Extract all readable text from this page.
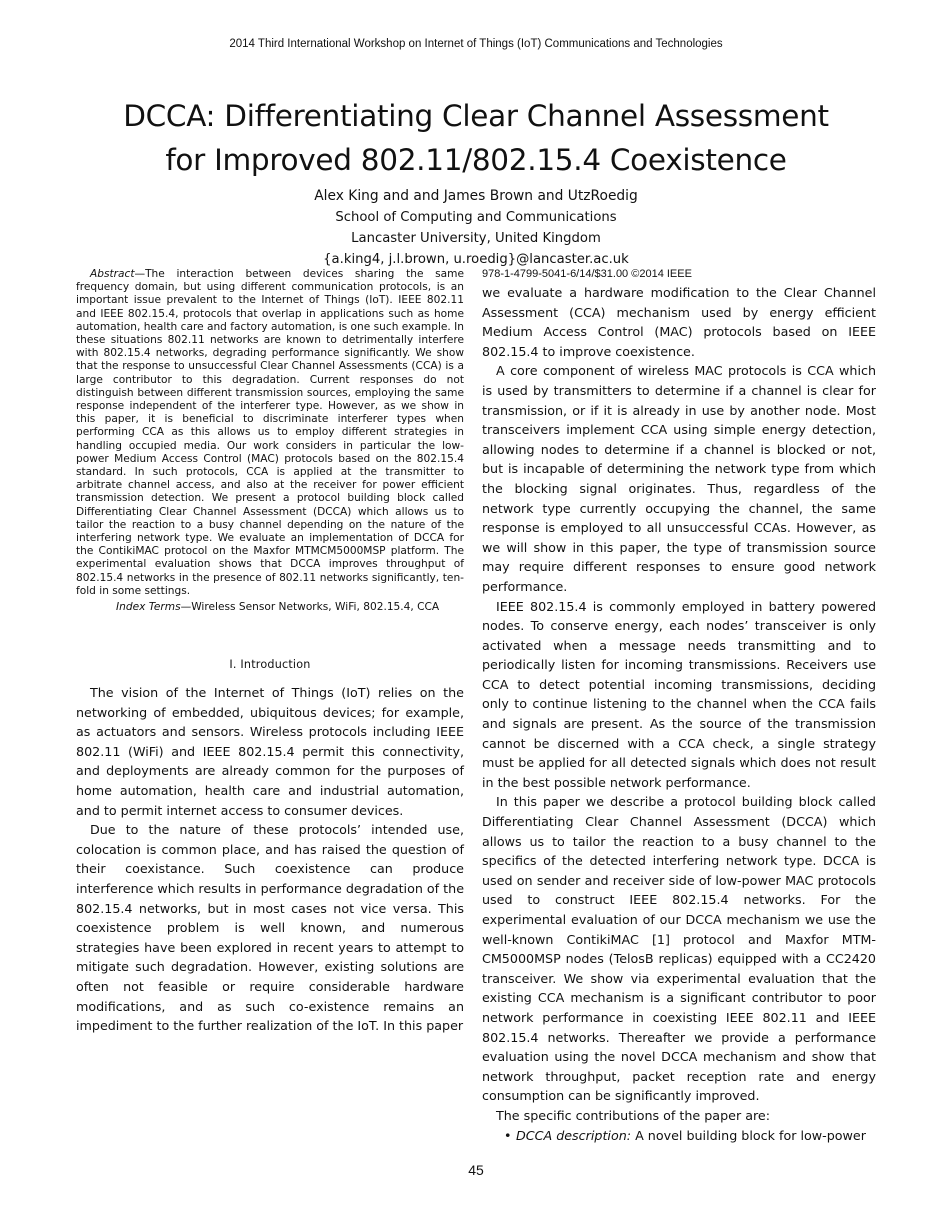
2014 Third International Workshop on Internet of Things (IoT) Communications and Technologies
DCCA: Differentiating Clear Channel Assessment
for Improved 802.11/802.15.4 Coexistence
Alex King and and James Brown and UtzRoedig
School of Computing and Communications
Lancaster University, United Kingdom
{a.king4, j.l.brown, u.roedig}@lancaster.ac.uk

Abstract—The interaction between devices sharing the same frequency domain, but using different communication protocols, is an important issue prevalent to the Internet of Things (IoT). IEEE 802.11 and IEEE 802.15.4, protocols that overlap in applications such as home automation, health care and factory automation, is one such example. In these situations 802.11 networks are known to detrimentally interfere with 802.15.4 networks, degrading performance significantly. We show that the response to unsuccessful Clear Channel Assessments (CCA) is a large contributor to this degradation. Current responses do not distinguish between different transmission sources, employing the same response independent of the interferer type. However, as we show in this paper, it is beneficial to discriminate interferer types when performing CCA as this allows us to employ different strategies in handling occupied media. Our work considers in particular the low-power Medium Access Control (MAC) protocols based on the 802.15.4 standard. In such protocols, CCA is applied at the transmitter to arbitrate channel access, and also at the receiver for power efficient transmission detection. We present a protocol building block called Differentiating Clear Channel Assessment (DCCA) which allows us to tailor the reaction to a busy channel depending on the nature of the interfering network type. We evaluate an implementation of DCCA for the ContikiMAC protocol on the Maxfor MTMCM5000MSP platform. The experimental evaluation shows that DCCA improves throughput of 802.15.4 networks in the presence of 802.11 networks significantly, ten-fold in some settings.

Index Terms—Wireless Sensor Networks, WiFi, 802.15.4, CCA

I. Introduction

The vision of the Internet of Things (IoT) relies on the networking of embedded, ubiquitous devices; for example, as actuators and sensors. Wireless protocols including IEEE 802.11 (WiFi) and IEEE 802.15.4 permit this connectivity, and deployments are already common for the purposes of home automation, health care and industrial automation, and to permit internet access to consumer devices.

Due to the nature of these protocols’ intended use, colocation is common place, and has raised the question of their coexistance. Such coexistence can produce interference which results in performance degradation of the 802.15.4 networks, but in most cases not vice versa. This coexistence problem is well known, and numerous strategies have been explored in recent years to attempt to mitigate such degradation. However, existing solutions are often not feasible or require considerable hardware modifications, and as such co-existence remains an impediment to the further realization of the IoT. In this paper

978-1-4799-5041-6/14/$31.00 ©2014 IEEE

we evaluate a hardware modification to the Clear Channel Assessment (CCA) mechanism used by energy efficient Medium Access Control (MAC) protocols based on IEEE 802.15.4 to improve coexistence.

A core component of wireless MAC protocols is CCA which is used by transmitters to determine if a channel is clear for transmission, or if it is already in use by another node. Most transceivers implement CCA using simple energy detection, allowing nodes to determine if a channel is blocked or not, but is incapable of determining the network type from which the blocking signal originates. Thus, regardless of the network type currently occupying the channel, the same response is employed to all unsuccessful CCAs. However, as we will show in this paper, the type of transmission source may require different responses to ensure good network performance.

IEEE 802.15.4 is commonly employed in battery powered nodes. To conserve energy, each nodes’ transceiver is only activated when a message needs transmitting and to periodically listen for incoming transmissions. Receivers use CCA to detect potential incoming transmissions, deciding only to continue listening to the channel when the CCA fails and signals are present. As the source of the transmission cannot be discerned with a CCA check, a single strategy must be applied for all detected signals which does not result in the best possible network performance.

In this paper we describe a protocol building block called Differentiating Clear Channel Assessment (DCCA) which allows us to tailor the reaction to a busy channel to the specifics of the detected interfering network type. DCCA is used on sender and receiver side of low-power MAC protocols used to construct IEEE 802.15.4 networks. For the experimental evaluation of our DCCA mechanism we use the well-known ContikiMAC [1] protocol and Maxfor MTM-CM5000MSP nodes (TelosB replicas) equipped with a CC2420 transceiver. We show via experimental evaluation that the existing CCA mechanism is a significant contributor to poor network performance in coexisting IEEE 802.11 and IEEE 802.15.4 networks. Thereafter we provide a performance evaluation using the novel DCCA mechanism and show that network throughput, packet reception rate and energy consumption can be significantly improved.

The specific contributions of the paper are:

• DCCA description: A novel building block for low-power

45
